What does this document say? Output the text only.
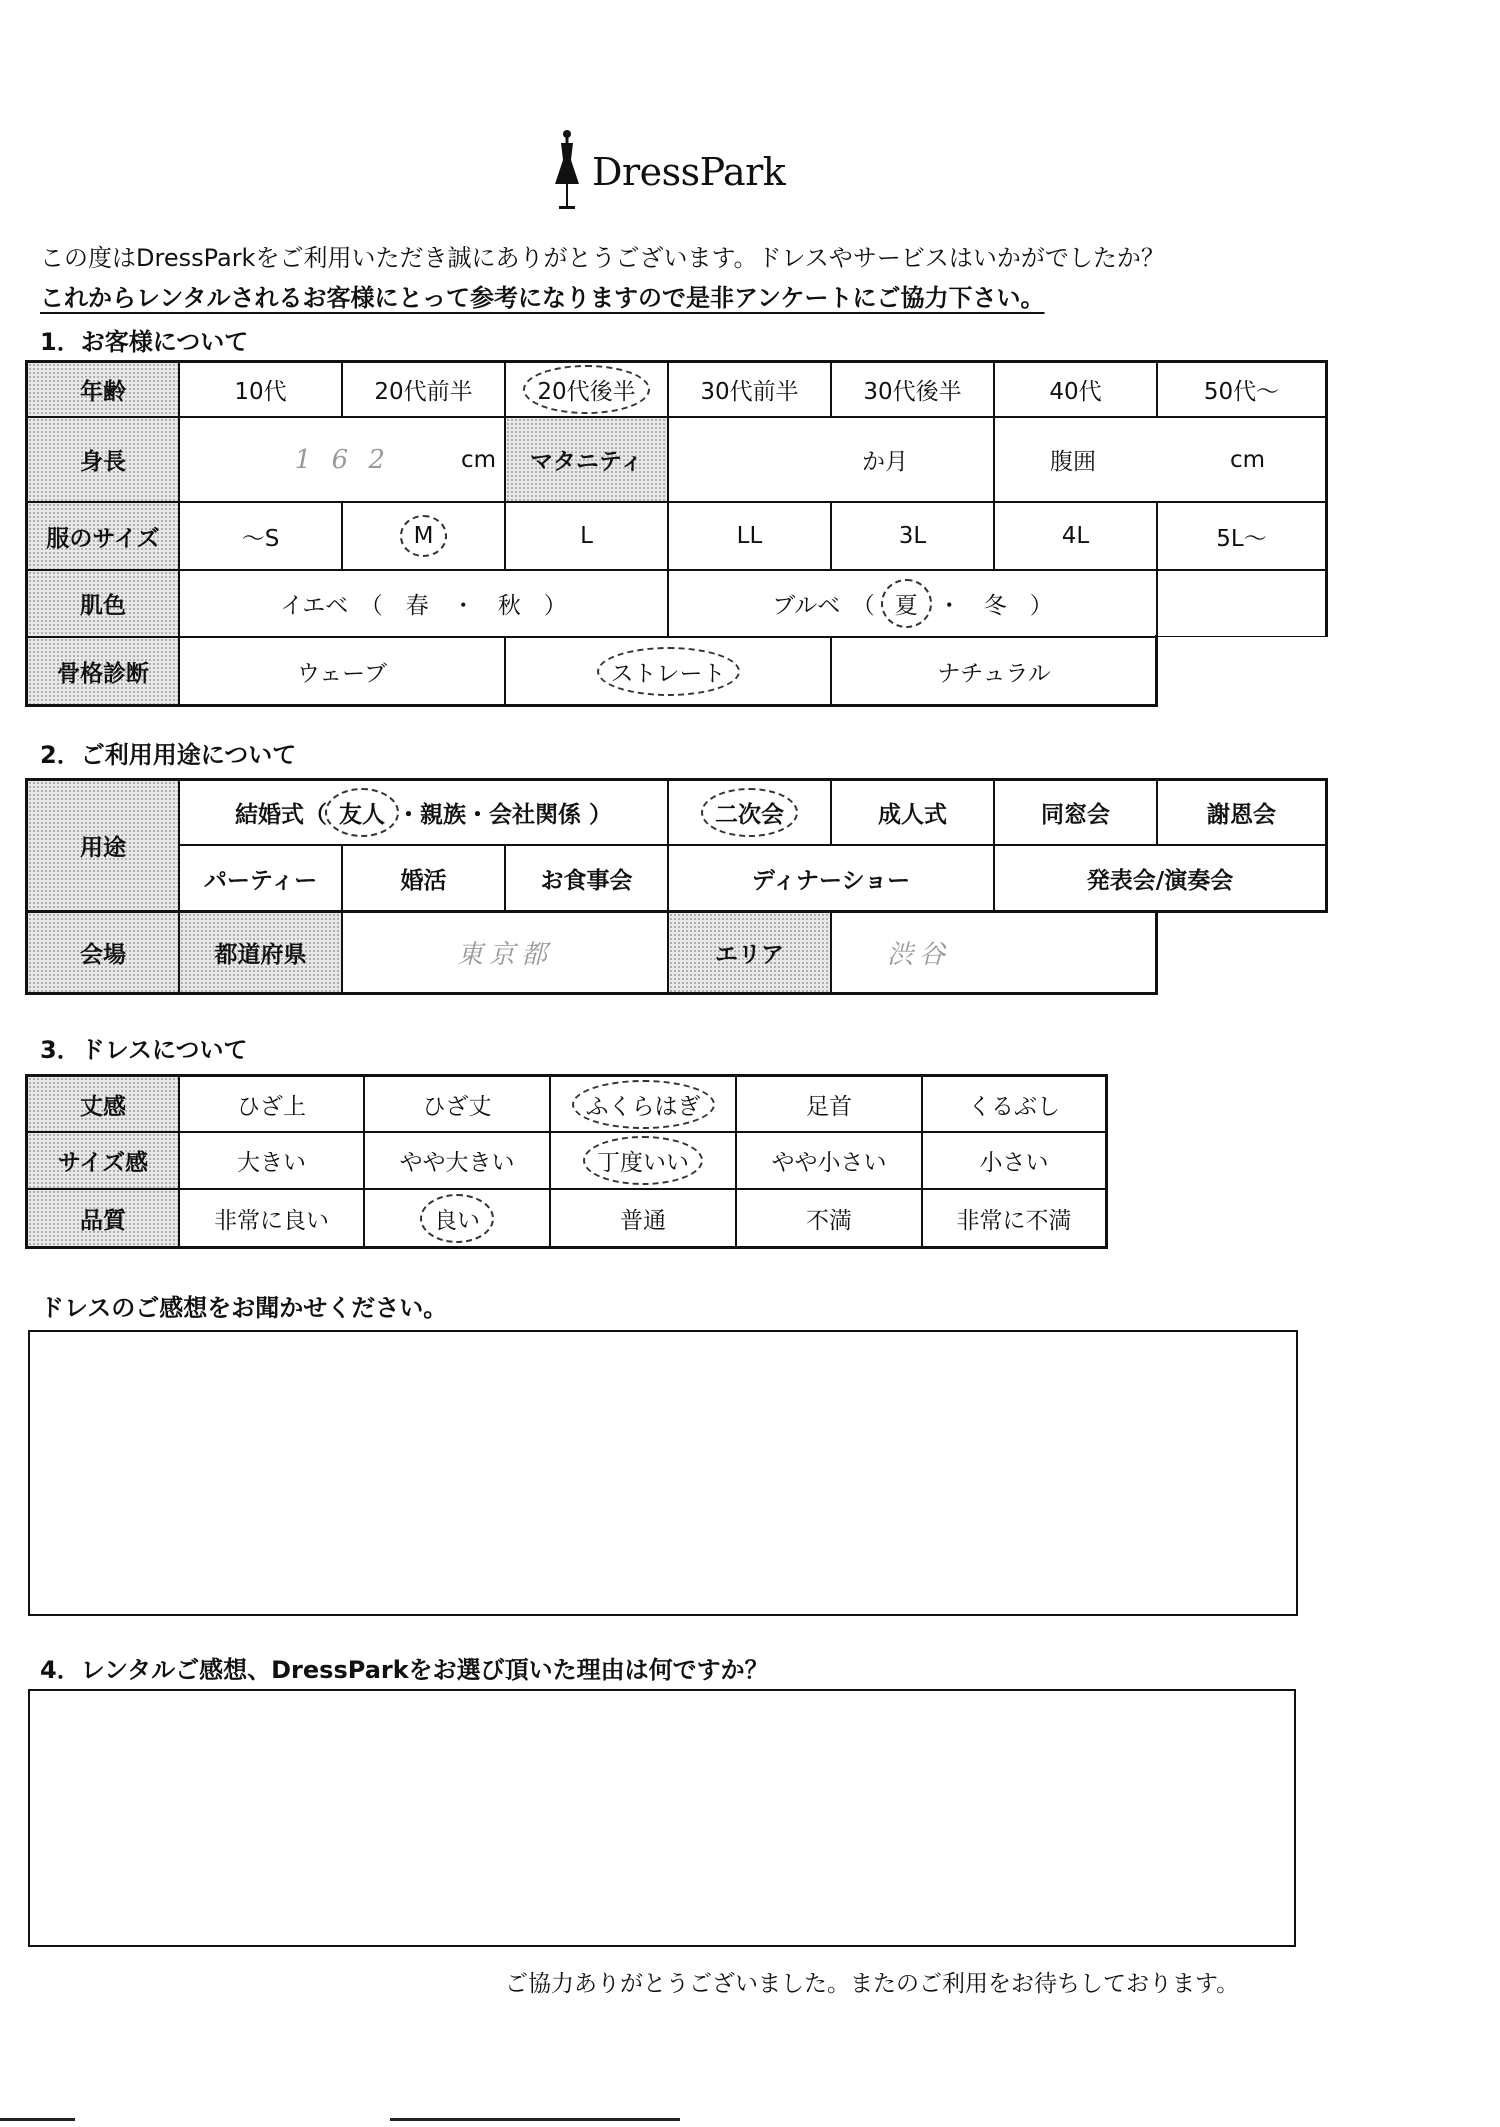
DressPark
この度はDressParkをご利用いただき誠にありがとうございます。ドレスやサービスはいかがでしたか？
これからレンタルされるお客様にとって参考になりますので是非アンケートにご協力下さい。
1．お客様について
年齢	10代	20代前半	20代後半	30代前半	30代後半	40代	50代～
身長	1 6 2	cm	マタニティ	か月	腹囲	cm
服のサイズ	～S	M	L	LL	3L	4L	5L～
肌色	イエベ　（　春　・　秋　）	ブルベ　（ 夏 ・　冬　）
骨格診断	ウェーブ	ストレート	ナチュラル
2．ご利用用途について
用途
結婚式（ 友人 ・親族・会社関係 ）	二次会	成人式	同窓会	謝恩会
パーティー	婚活	お食事会	ディナーショー	発表会/演奏会
会場	都道府県	東京都	エリア	渋谷
3．ドレスについて
丈感	ひざ上	ひざ丈	ふくらはぎ	足首	くるぶし
サイズ感	大きい	やや大きい	丁度いい	やや小さい	小さい
品質	非常に良い	良い	普通	不満	非常に不満
ドレスのご感想をお聞かせください。
4．レンタルご感想、DressParkをお選び頂いた理由は何ですか？
ご協力ありがとうございました。またのご利用をお待ちしております。
